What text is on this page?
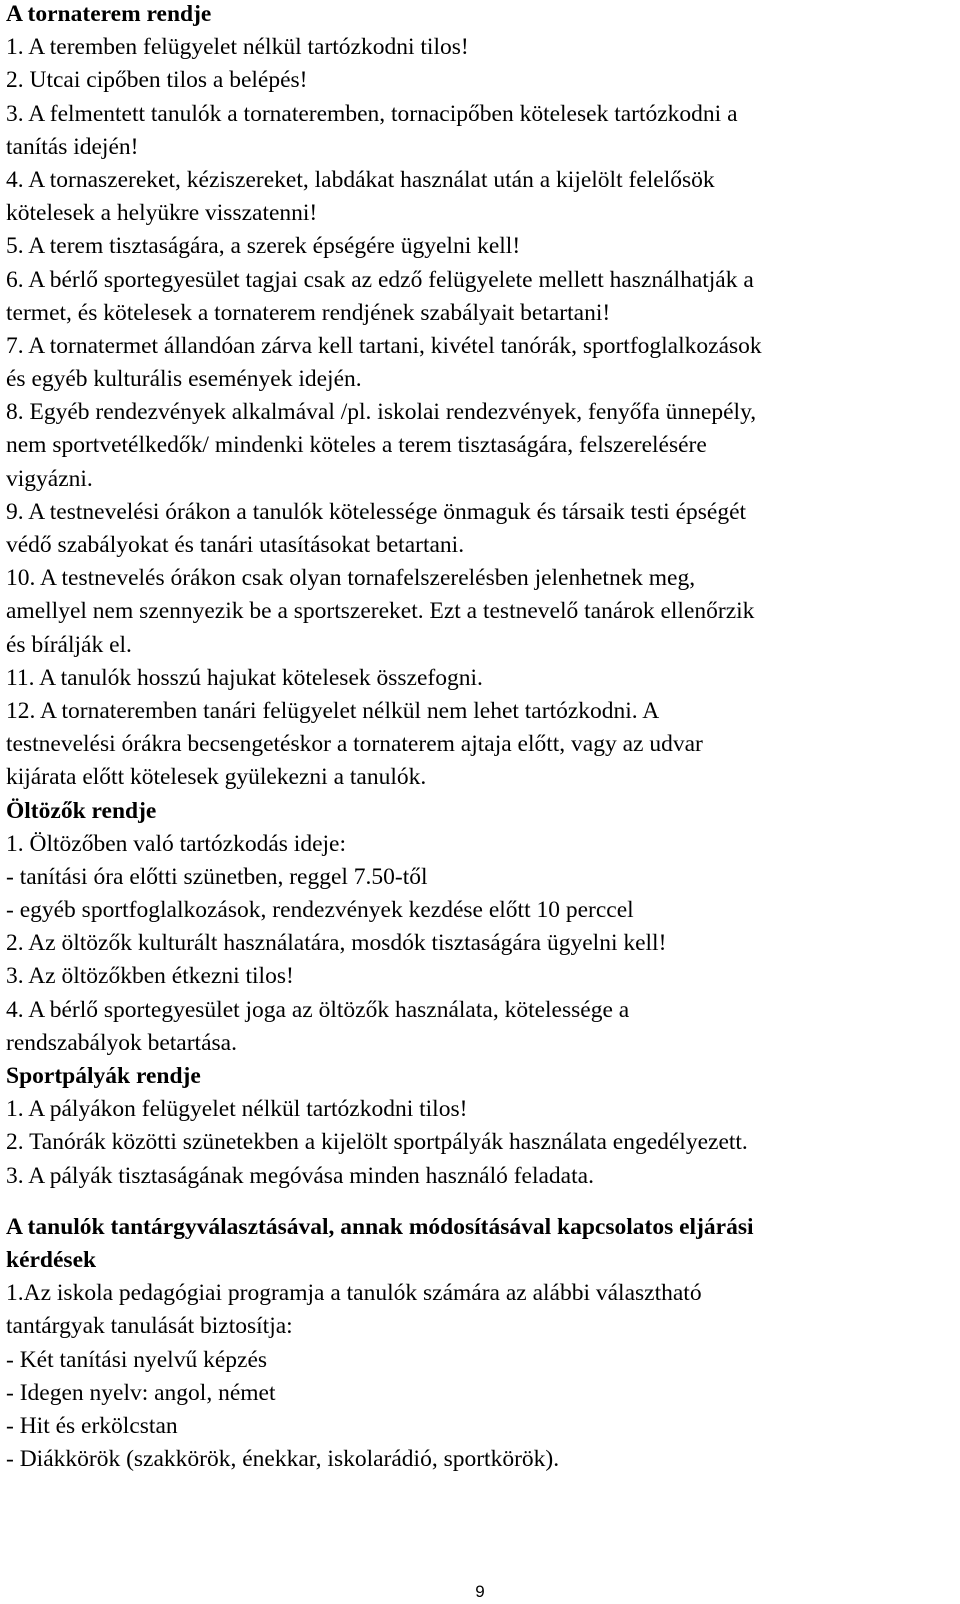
A tornaterem rendje

1. A teremben felügyelet nélkül tartózkodni tilos!

2. Utcai cipőben tilos a belépés!

3. A felmentett tanulók a tornateremben, tornacipőben kötelesek tartózkodni a

tanítás idején!

4. A tornaszereket, kéziszereket, labdákat használat után a kijelölt felelősök

kötelesek a helyükre visszatenni!

5. A terem tisztaságára, a szerek épségére ügyelni kell!

6. A bérlő sportegyesület tagjai csak az edző felügyelete mellett használhatják a

termet, és kötelesek a tornaterem rendjének szabályait betartani!

7. A tornatermet állandóan zárva kell tartani, kivétel tanórák, sportfoglalkozások

és egyéb kulturális események idején.

8. Egyéb rendezvények alkalmával /pl. iskolai rendezvények, fenyőfa ünnepély,

nem sportvetélkedők/ mindenki köteles a terem tisztaságára, felszerelésére

vigyázni.

9. A testnevelési órákon a tanulók kötelessége önmaguk és társaik testi épségét

védő szabályokat és tanári utasításokat betartani.

10. A testnevelés órákon csak olyan tornafelszerelésben jelenhetnek meg,

amellyel nem szennyezik be a sportszereket. Ezt a testnevelő tanárok ellenőrzik

és bírálják el.

11. A tanulók hosszú hajukat kötelesek összefogni.

12. A tornateremben tanári felügyelet nélkül nem lehet tartózkodni. A

testnevelési órákra becsengetéskor a tornaterem ajtaja előtt, vagy az udvar

kijárata előtt kötelesek gyülekezni a tanulók.

Öltözők rendje

1. Öltözőben való tartózkodás ideje:

- tanítási óra előtti szünetben, reggel 7.50-től

- egyéb sportfoglalkozások, rendezvények kezdése előtt 10 perccel

2. Az öltözők kulturált használatára, mosdók tisztaságára ügyelni kell!

3. Az öltözőkben étkezni tilos!

4. A bérlő sportegyesület joga az öltözők használata, kötelessége a

rendszabályok betartása.

Sportpályák rendje

1. A pályákon felügyelet nélkül tartózkodni tilos!

2. Tanórák közötti szünetekben a kijelölt sportpályák használata engedélyezett.

3. A pályák tisztaságának megóvása minden használó feladata.

A tanulók tantárgyválasztásával, annak módosításával kapcsolatos eljárási

kérdések

1.Az iskola pedagógiai programja a tanulók számára az alábbi választható

tantárgyak tanulását biztosítja:

- Két tanítási nyelvű képzés

- Idegen nyelv: angol, német

- Hit és erkölcstan

- Diákkörök (szakkörök, énekkar, iskolarádió, sportkörök).

9
